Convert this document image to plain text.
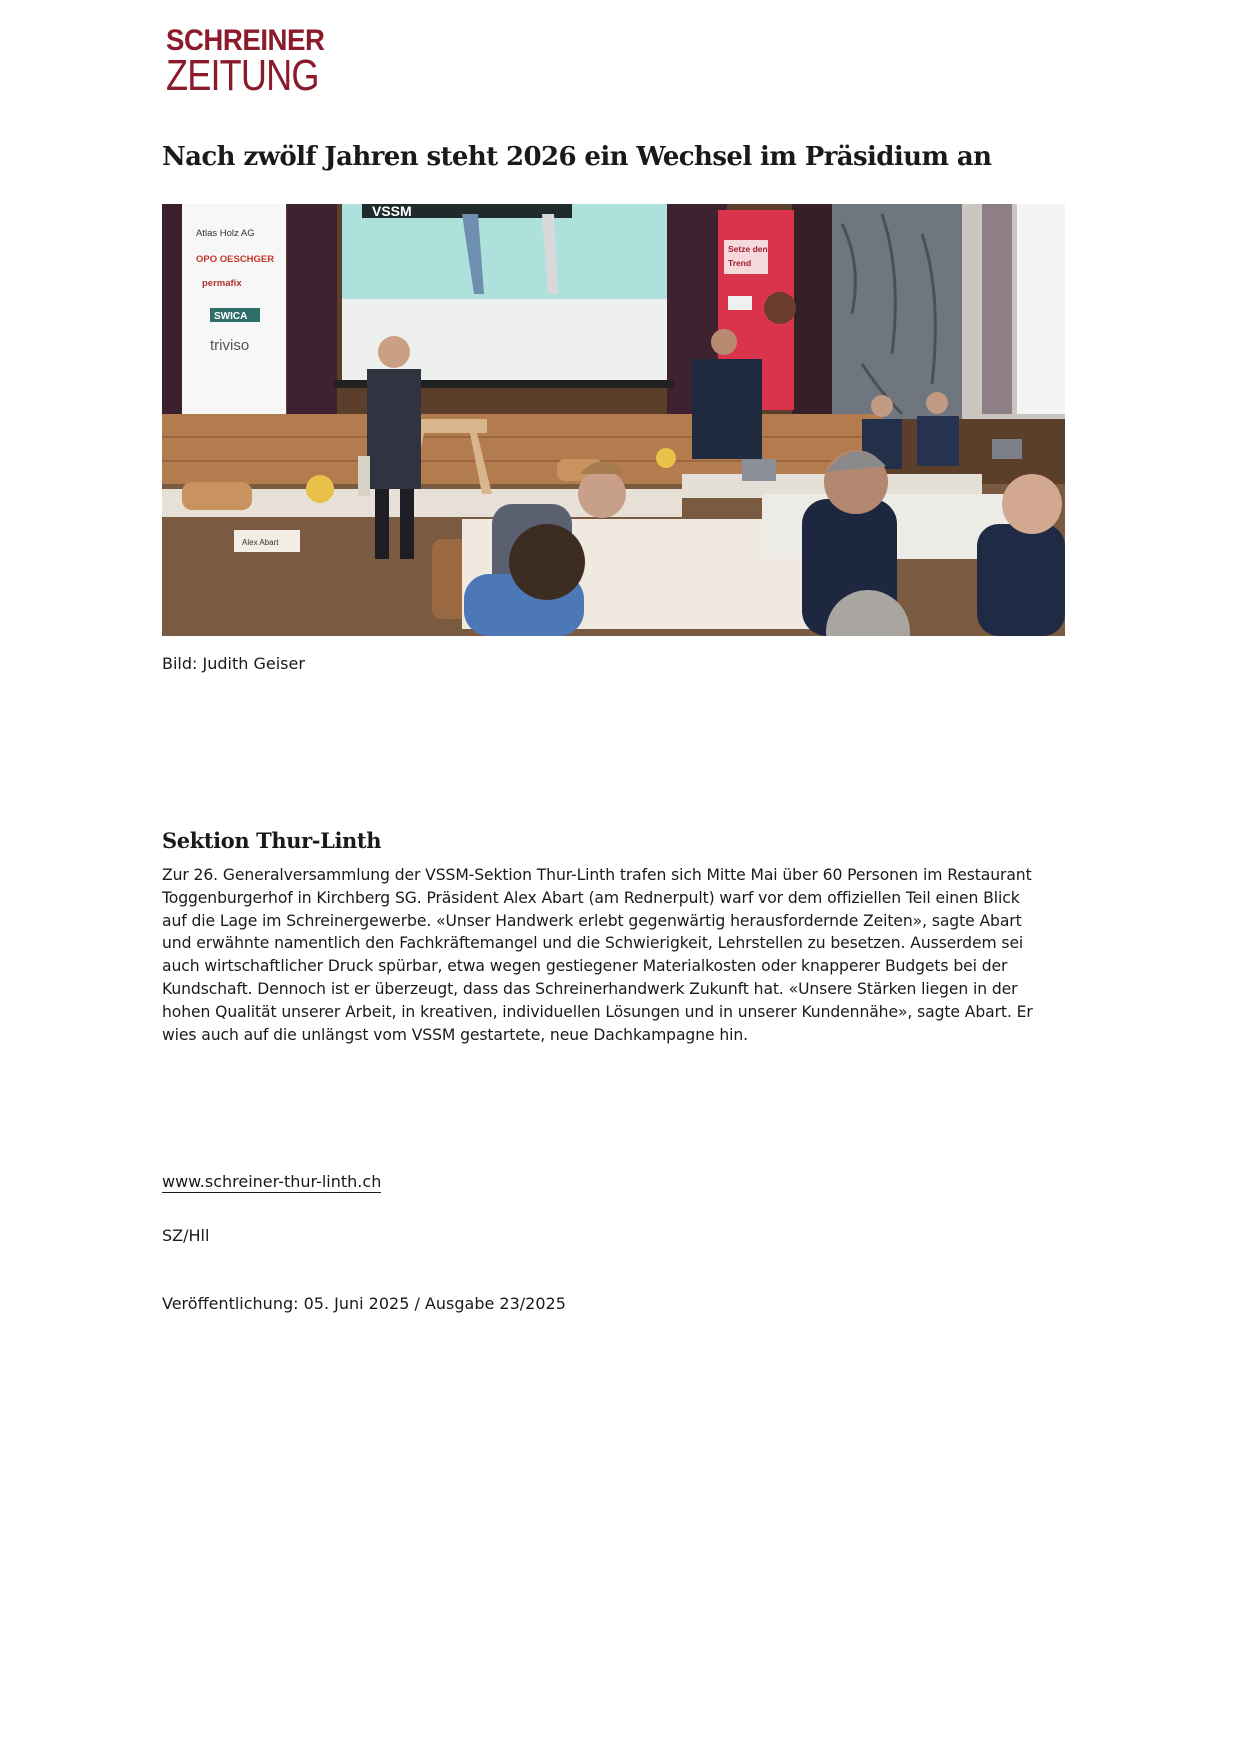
SCHREINER
ZEITUNG
Nach zwölf Jahren steht 2026 ein Wechsel im Präsidium an
VSSM
Atlas Holz AG
OPO OESCHGER
permafix
SWICA
triviso
Setze den
Trend
Alex Abart
Bild: Judith Geiser
Sektion Thur-Linth

Zur 26. Generalversammlung der VSSM-Sektion Thur-Linth trafen sich Mitte Mai über 60 Personen im Restaurant Toggenburgerhof in Kirchberg SG. Präsident Alex Abart (am Rednerpult) warf vor dem offiziellen Teil einen Blick auf die Lage im Schreinergewerbe. «Unser Handwerk erlebt gegenwärtig herausfordernde Zeiten», sagte Abart und erwähnte namentlich den Fachkräftemangel und die Schwierigkeit, Lehrstellen zu besetzen. Ausserdem sei auch wirtschaftlicher Druck spürbar, etwa wegen gestiegener Materialkosten oder knapperer Budgets bei der Kundschaft. Dennoch ist er überzeugt, dass das Schreinerhandwerk Zukunft hat. «Unsere Stärken liegen in der hohen Qualität unserer Arbeit, in kreativen, individuellen Lösungen und in unserer Kundennähe», sagte Abart. Er wies auch auf die unlängst vom VSSM gestartete, neue Dachkampagne hin.

www.schreiner-thur-linth.ch
SZ/Hll
Veröffentlichung: 05. Juni 2025 / Ausgabe 23/2025
